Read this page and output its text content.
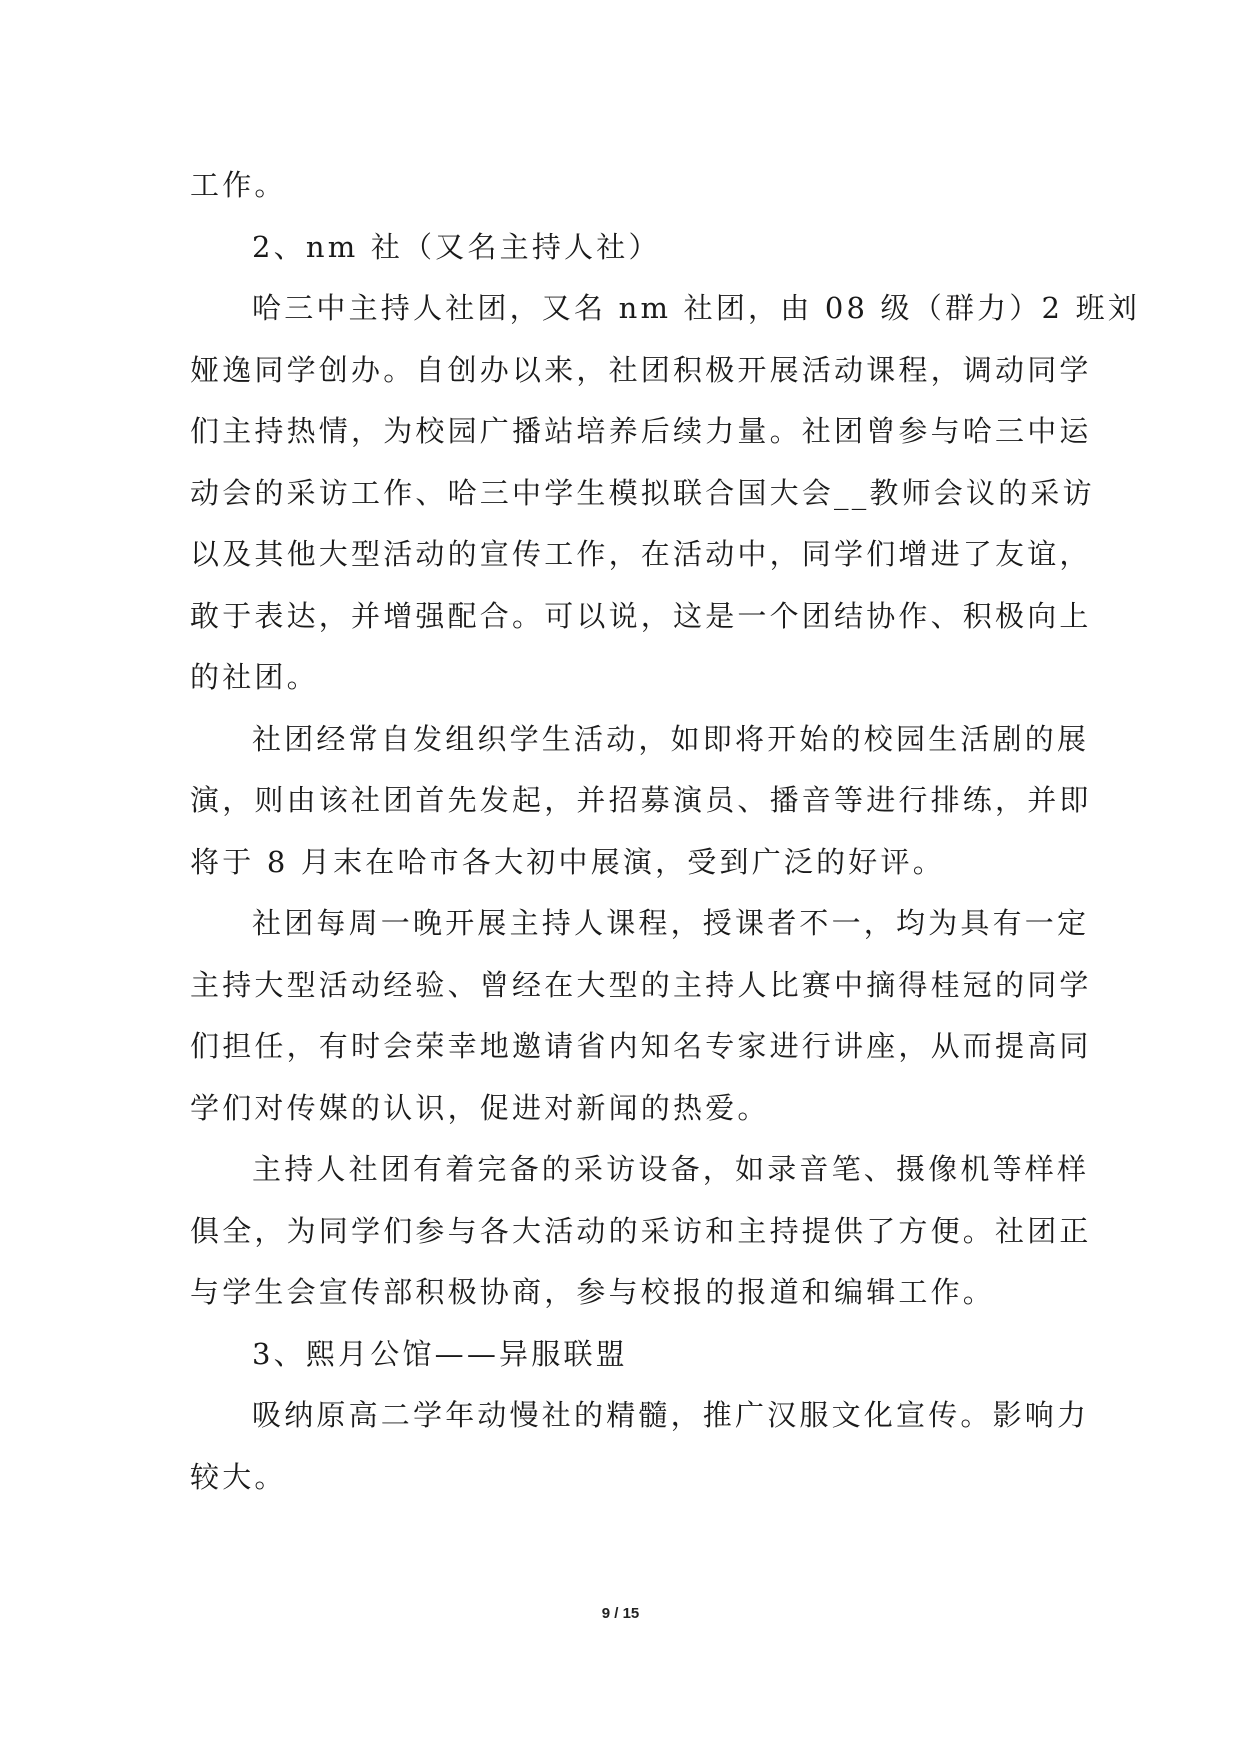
工作。
2、nm 社（又名主持人社）
哈三中主持人社团，又名 nm 社团，由 08 级（群力）2 班刘
娅逸同学创办。自创办以来，社团积极开展活动课程，调动同学
们主持热情，为校园广播站培养后续力量。社团曾参与哈三中运
动会的采访工作、哈三中学生模拟联合国大会__教师会议的采访
以及其他大型活动的宣传工作，在活动中，同学们增进了友谊，
敢于表达，并增强配合。可以说，这是一个团结协作、积极向上
的社团。
社团经常自发组织学生活动，如即将开始的校园生活剧的展
演，则由该社团首先发起，并招募演员、播音等进行排练，并即
将于 8 月末在哈市各大初中展演，受到广泛的好评。
社团每周一晚开展主持人课程，授课者不一，均为具有一定
主持大型活动经验、曾经在大型的主持人比赛中摘得桂冠的同学
们担任，有时会荣幸地邀请省内知名专家进行讲座，从而提高同
学们对传媒的认识，促进对新闻的热爱。
主持人社团有着完备的采访设备，如录音笔、摄像机等样样
俱全，为同学们参与各大活动的采访和主持提供了方便。社团正
与学生会宣传部积极协商，参与校报的报道和编辑工作。
3、熙月公馆——异服联盟
吸纳原高二学年动慢社的精髓，推广汉服文化宣传。影响力
较大。
9 / 15
